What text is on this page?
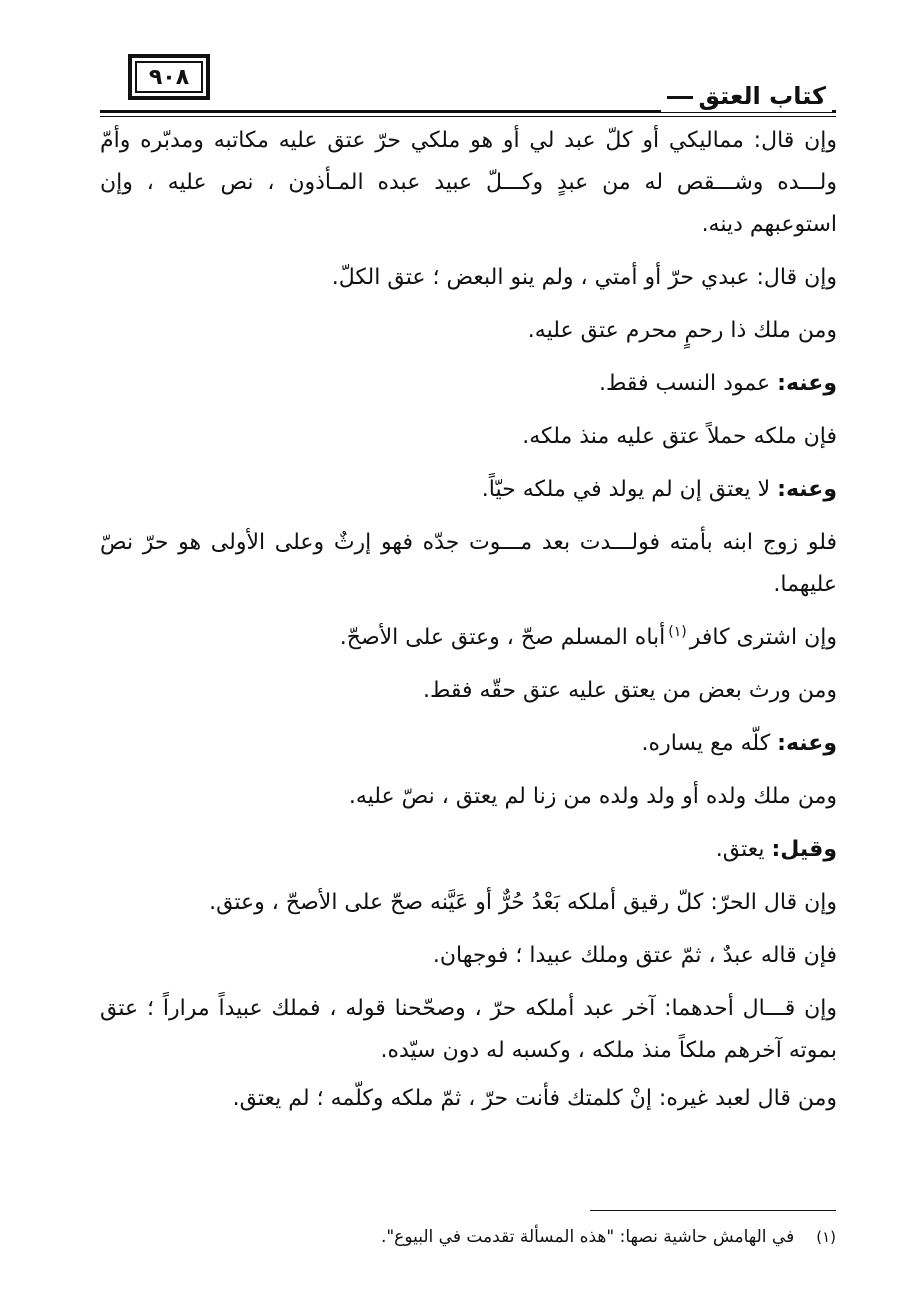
٩٠٨
كتاب العتق

وإن قال: مماليكي أو كلّ عبد لي أو هو ملكي حرّ عتق عليه مكاتبه ومدبّره وأمّ ولـــده وشـــقص له من عبدٍ وكـــلّ عبيد عبده المـأذون ، نص عليه ، وإن استوعبهم دينه.

وإن قال: عبدي حرّ أو أمتي ، ولم ينو البعض ؛ عتق الكلّ.

ومن ملك ذا رحمٍ محرم عتق عليه.

وعنه: عمود النسب فقط.

فإن ملكه حملاً عتق عليه منذ ملكه.

وعنه: لا يعتق إن لم يولد في ملكه حيّاً.

فلو زوج ابنه بأمته فولـــدت بعد مـــوت جدّه فهو إرثٌ وعلى الأولى هو حرّ نصّ عليهما.

وإن اشترى كافر$^{(١)}$أباه المسلم صحّ ، وعتق على الأصحّ.

ومن ورث بعض من يعتق عليه عتق حقّه فقط.

وعنه: كلّه مع يساره.

ومن ملك ولده أو ولد ولده من زنا لم يعتق ، نصّ عليه.

وقيل: يعتق.

وإن قال الحرّ: كلّ رقيق أملكه بَعْدُ حُرٌّ أو عَيَّنه صحّ على الأصحّ ، وعتق.

فإن قاله عبدٌ ، ثمّ عتق وملك عبيدا ؛ فوجهان.

وإن قـــال أحدهما: آخر عبد أملكه حرّ ، وصحّحنا قوله ، فملك عبيداً مراراً ؛ عتق بموته آخرهم ملكاً منذ ملكه ، وكسبه له دون سيّده.

ومن قال لعبد غيره: إنْ كلمتك فأنت حرّ ، ثمّ ملكه وكلّمه ؛ لم يعتق.

(١)في الهامش حاشية نصها: "هذه المسألة تقدمت في البيوع".
